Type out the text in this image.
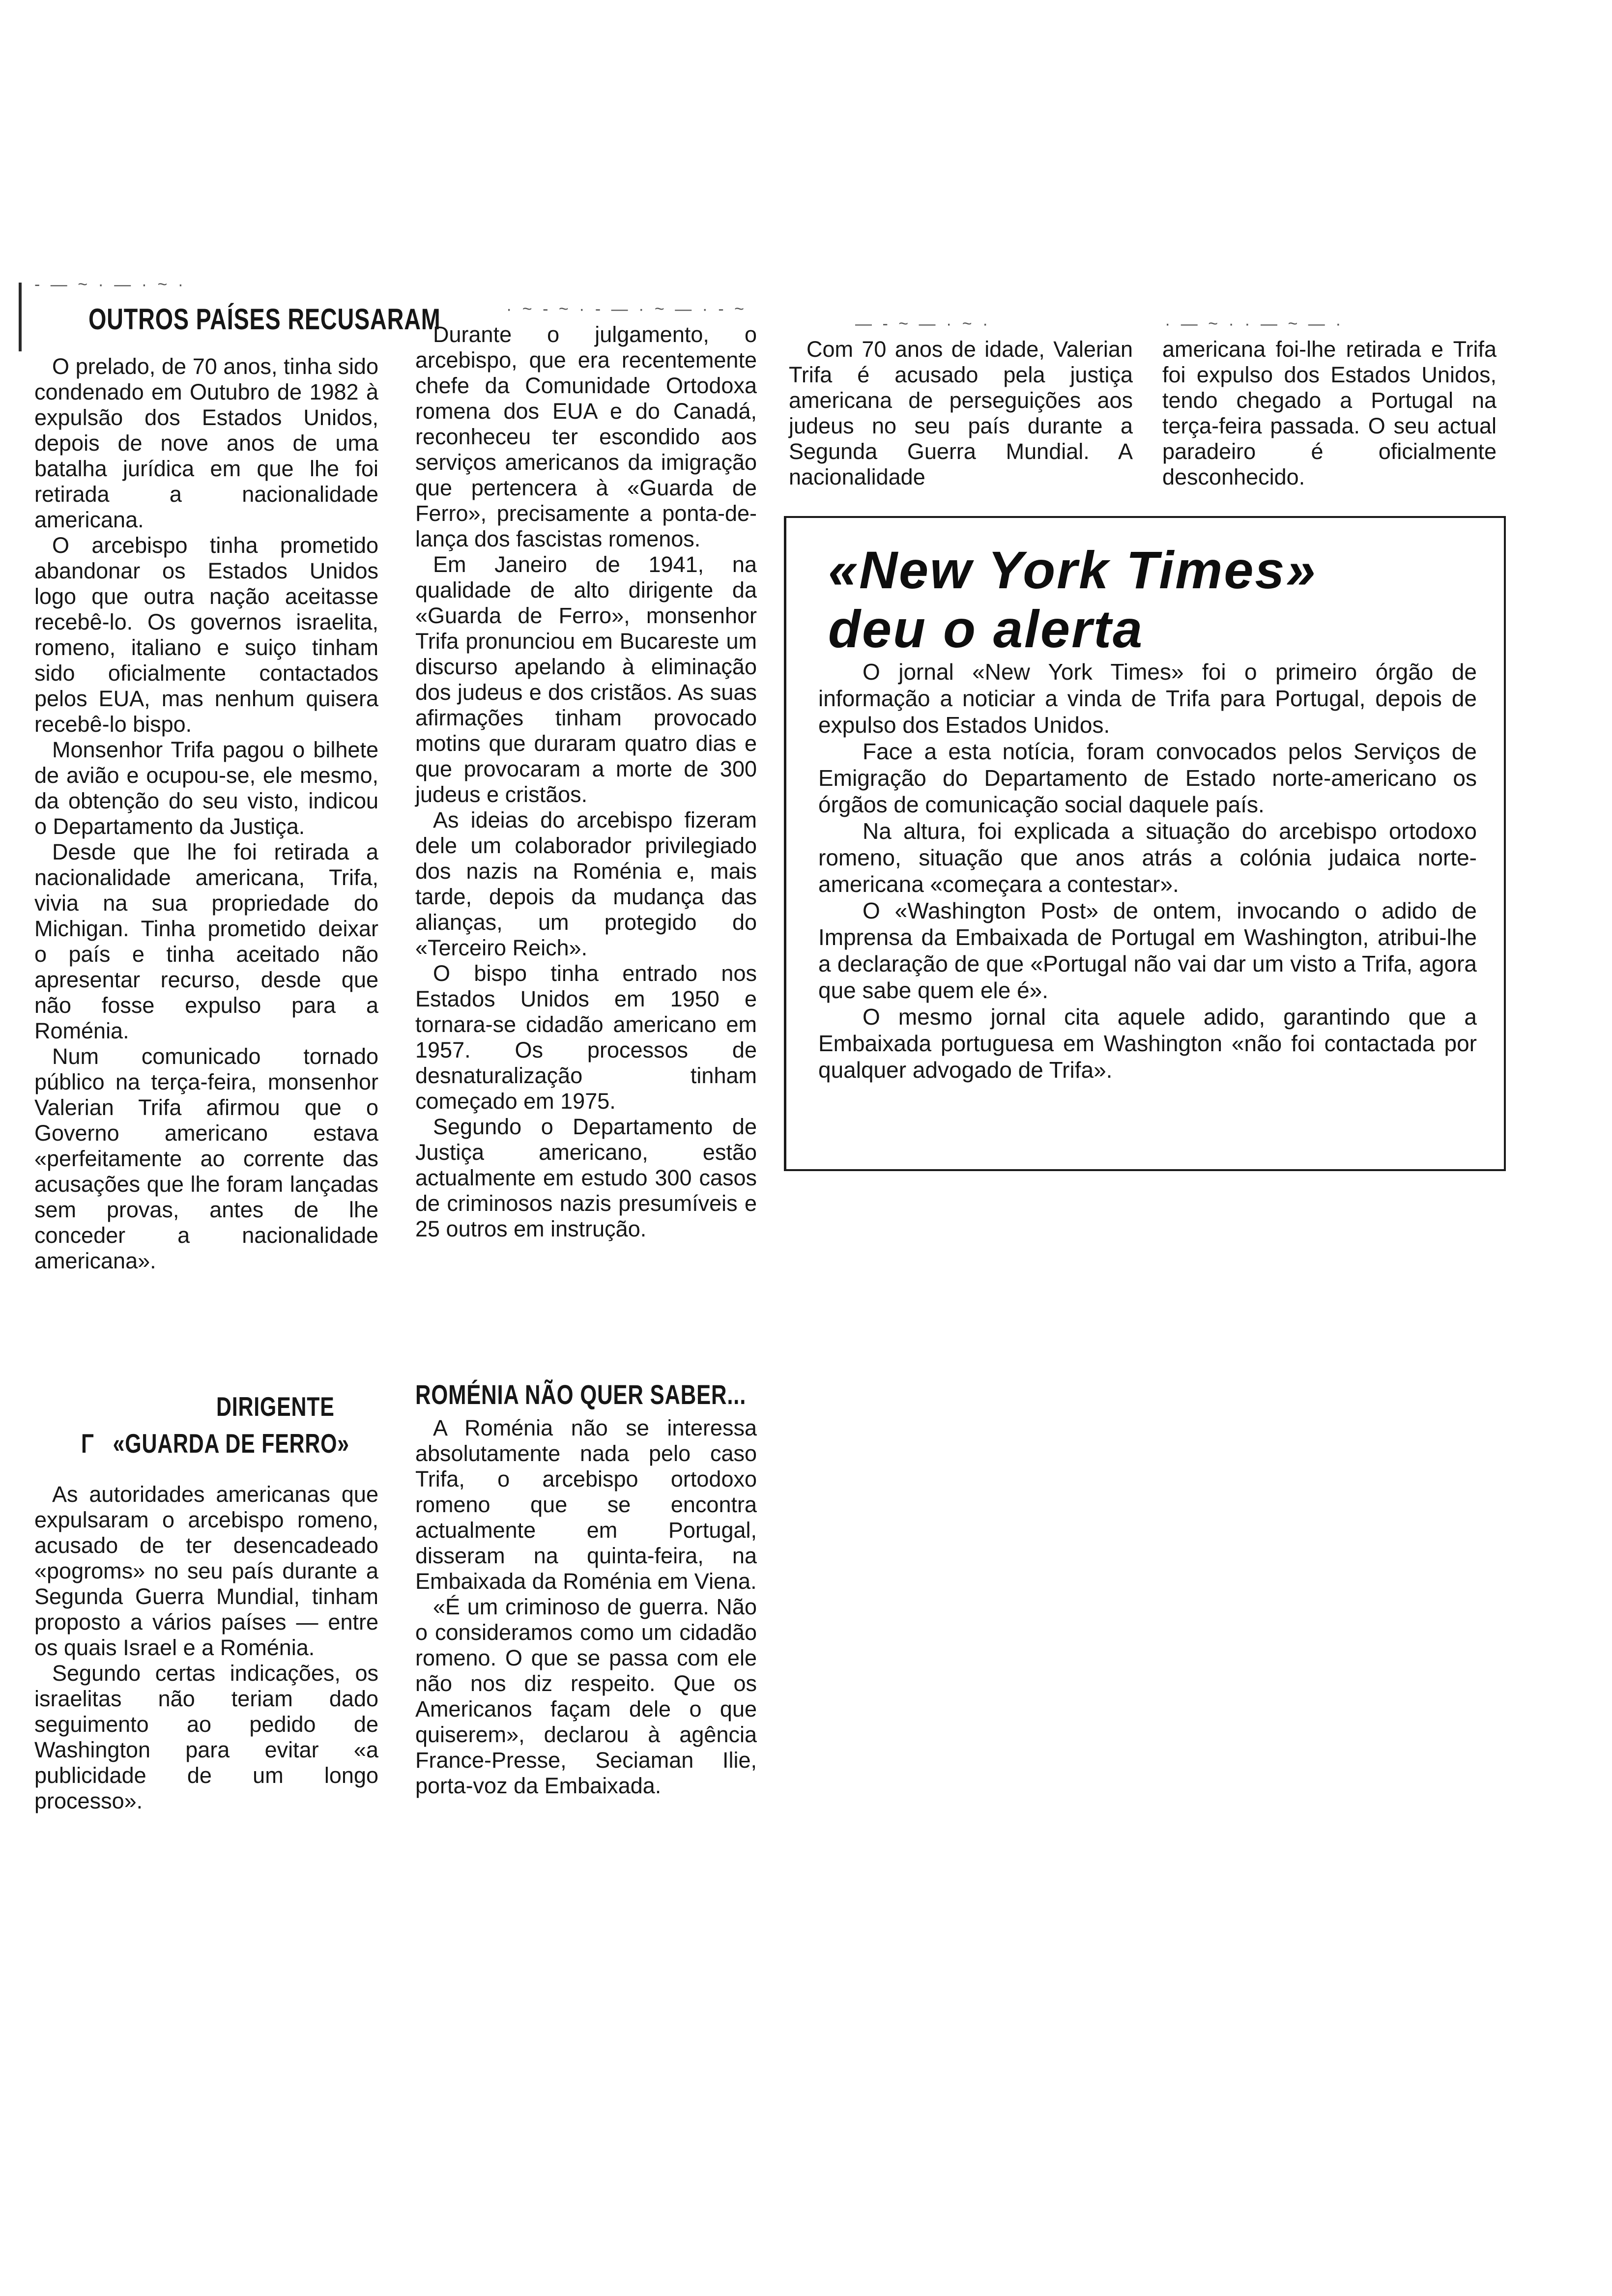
- — ~ · — · ~ ·
· ~ - ~ · - — · ~ — · - ~
— - ~ — · ~ ·	· — ~ · · — ~ — ·
OUTROS PAÍSES RECUSARAM

O prelado, de 70 anos, tinha sido condenado em Outubro de 1982 à expulsão dos Estados Unidos, depois de nove anos de uma batalha jurídica em que lhe foi retirada a nacionalidade americana.

O arcebispo tinha prometido abandonar os Estados Unidos logo que outra nação aceitasse recebê-lo. Os governos israelita, romeno, italiano e suiço tinham sido oficialmente contactados pelos EUA, mas nenhum quisera recebê-lo bispo.

Monsenhor Trifa pagou o bilhete de avião e ocupou-se, ele mesmo, da obtenção do seu visto, indicou o Departamento da Justiça.

Desde que lhe foi retirada a nacionalidade americana, Trifa, vivia na sua propriedade do Michigan. Tinha prometido deixar o país e tinha aceitado não apresentar recurso, desde que não fosse expulso para a Roménia.

Num comunicado tornado público na terça-feira, monsenhor Valerian Trifa afirmou que o Governo americano estava «perfeitamente ao corrente das acusações que lhe foram lançadas sem provas, antes de lhe conceder a nacionalidade americana».

DIRIGENTE
Γ   «GUARDA DE FERRO»

As autoridades americanas que expulsaram o arcebispo romeno, acusado de ter desencadeado «pogroms» no seu país durante a Segunda Guerra Mundial, tinham proposto a vários países — entre os quais Israel e a Roménia.

Segundo certas indicações, os israelitas não teriam dado seguimento ao pedido de Washington para evitar «a publicidade de um longo processo».

Durante o julgamento, o arcebispo, que era recentemente chefe da Comunidade Ortodoxa romena dos EUA e do Canadá, reconheceu ter escondido aos serviços americanos da imigração que pertencera à «Guarda de Ferro», precisamente a ponta-de-lança dos fascistas romenos.

Em Janeiro de 1941, na qualidade de alto dirigente da «Guarda de Ferro», monsenhor Trifa pronunciou em Bucareste um discurso apelando à eliminação dos judeus e dos cristãos. As suas afirmações tinham provocado motins que duraram quatro dias e que provocaram a morte de 300 judeus e cristãos.

As ideias do arcebispo fizeram dele um colaborador privilegiado dos nazis na Roménia e, mais tarde, depois da mudança das alianças, um protegido do «Terceiro Reich».

O bispo tinha entrado nos Estados Unidos em 1950 e tornara-se cidadão americano em 1957. Os processos de desnaturalização tinham começado em 1975.

Segundo o Departamento de Justiça americano, estão actualmente em estudo 300 casos de criminosos nazis presumíveis e 25 outros em instrução.

ROMÉNIA NÃO QUER SABER...

A Roménia não se interessa absolutamente nada pelo caso Trifa, o arcebispo ortodoxo romeno que se encontra actualmente em Portugal, disseram na quinta-feira, na Embaixada da Roménia em Viena.

«É um criminoso de guerra. Não o consideramos como um cidadão romeno. O que se passa com ele não nos diz respeito. Que os Americanos façam dele o que quiserem», declarou à agência France-Presse, Seciaman Ilie, porta-voz da Embaixada.

Com 70 anos de idade, Valerian Trifa é acusado pela justiça americana de perseguições aos judeus no seu país durante a Segunda Guerra Mundial. A nacionalidade

americana foi-lhe retirada e Trifa foi expulso dos Estados Unidos, tendo chegado a Portugal na terça-feira passada. O seu actual paradeiro é oficialmente desconhecido.

«New York Times»
deu o alerta

O jornal «New York Times» foi o primeiro órgão de informação a noticiar a vinda de Trifa para Portugal, depois de expulso dos Estados Unidos.

Face a esta notícia, foram convocados pelos Serviços de Emigração do Departamento de Estado norte-americano os órgãos de comunicação social daquele país.

Na altura, foi explicada a situação do arcebispo ortodoxo romeno, situação que anos atrás a colónia judaica norte-americana «começara a contestar».

O «Washington Post» de ontem, invocando o adido de Imprensa da Embaixada de Portugal em Washington, atribui-lhe a declaração de que «Portugal não vai dar um visto a Trifa, agora que sabe quem ele é».

O mesmo jornal cita aquele adido, garantindo que a Embaixada portuguesa em Washington «não foi contactada por qualquer advogado de Trifa».
